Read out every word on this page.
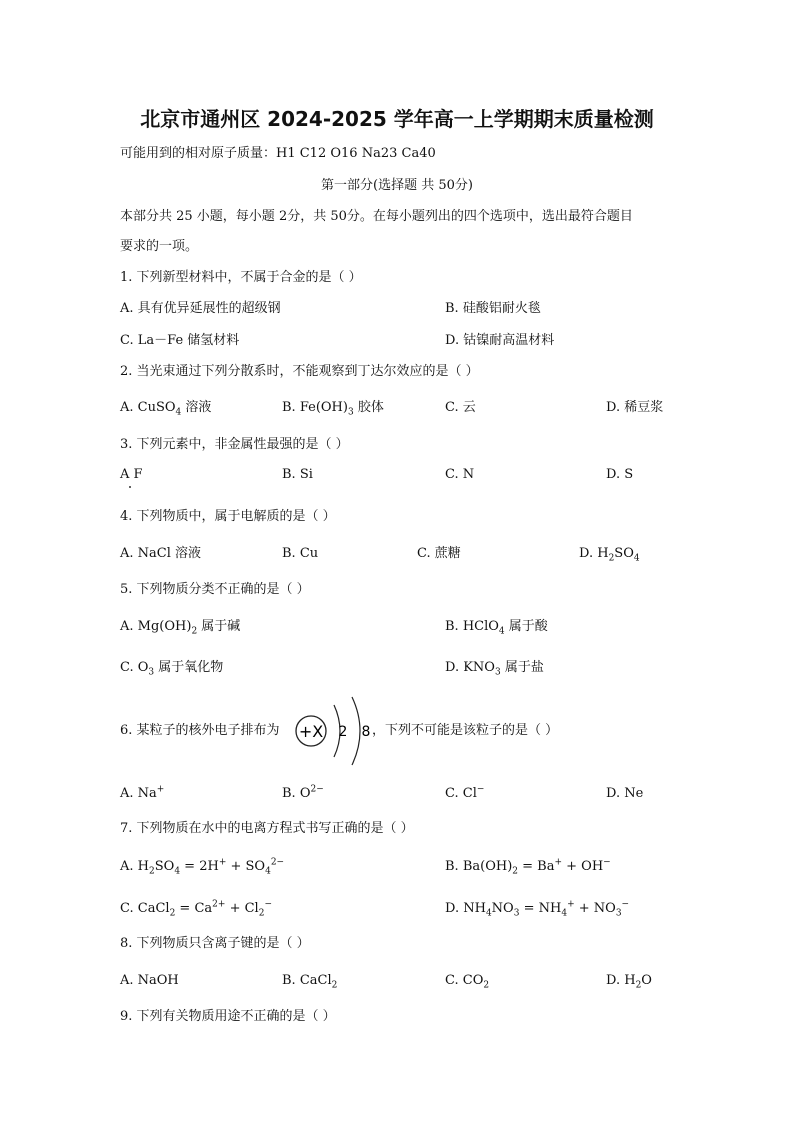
北京市通州区 2024-2025 学年高一上学期期末质量检测
可能用到的相对原子质量：H1 C12 O16 Na23 Ca40
第一部分(选择题 共 50分)
本部分共 25 小题，每小题 2分，共 50分。在每小题列出的四个选项中，选出最符合题目
要求的一项。
1. 下列新型材料中，不属于合金的是（ ）
A. 具有优异延展性的超级钢	B. 硅酸铝耐火毯
C. La－Fe 储氢材料	D. 钴镍耐高温材料
2. 当光束通过下列分散系时，不能观察到丁达尔效应的是（ ）
A. CuSO$_4$ 溶液	B. $Fe(OH)_3$ 胶体	C. 云	D. 稀豆浆
3. 下列元素中，非金属性最强的是（ ）
A F	B. Si	C. N	D. S
4. 下列物质中，属于电解质的是（ ）
A. NaCl 溶液	B. Cu	C. 蔗糖	D. $H_2SO_4$
5. 下列物质分类不正确的是（ ）
A. $Mg(OH)_2$ 属于碱	B. HClO$_4$ 属于酸
C. $O_3$ 属于氧化物	D. $KNO_3$ 属于盐
6. 某粒子的核外电子排布为 +X 2 8 ，下列不可能是该粒子的是（ ）
A. Na+	B. $O^{2-}$	C. Cl−	D. Ne
7. 下列物质在水中的电离方程式书写正确的是（ ）
A. $H_2SO_4 = 2H^+ + SO_4^{2-}$	B. $Ba(OH)_2 = Ba^+ + OH^-$
C. CaCl$_2$ = $Ca^{2+} + Cl_2^-$	D. $NH_4NO_3 = NH_4^+ + NO_3^-$
8. 下列物质只含离子键的是（ ）
A. NaOH	B. CaCl$_2$	C. $CO_2$	D. $H_2O$
9. 下列有关物质用途不正确的是（ ）
